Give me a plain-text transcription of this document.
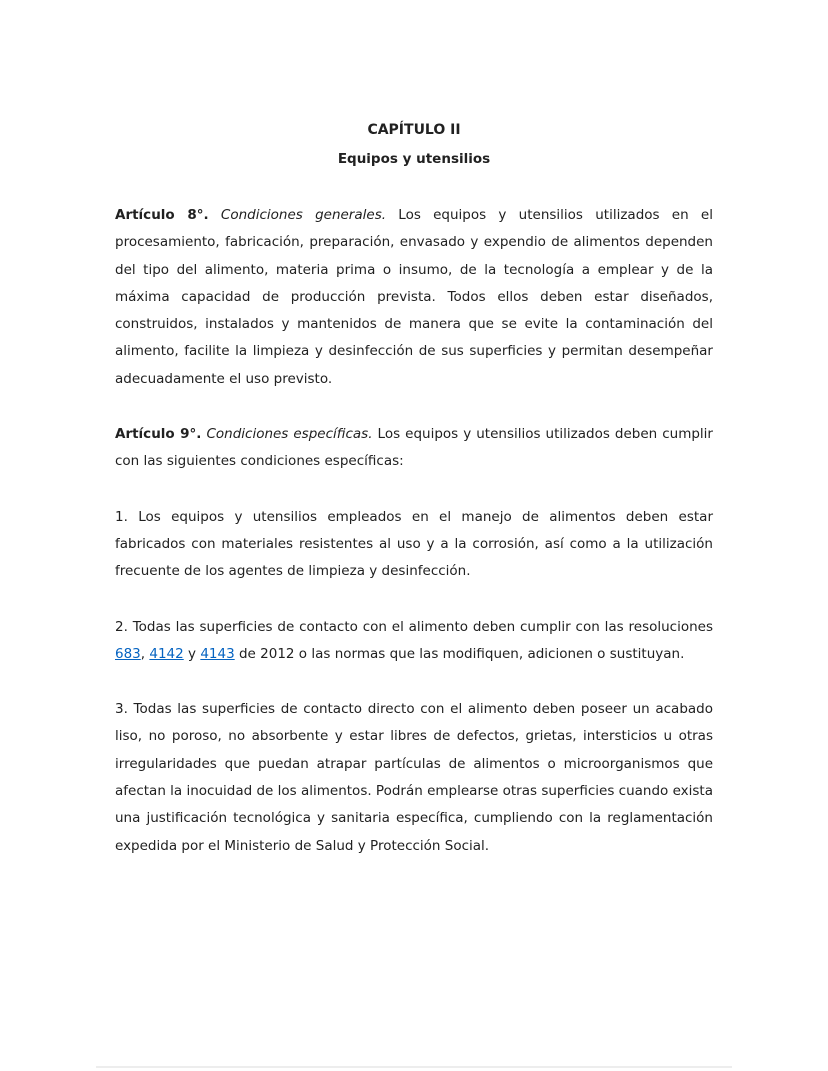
CAPÍTULO II
Equipos y utensilios

Artículo 8°. Condiciones generales. Los equipos y utensilios utilizados en el procesamiento, fabricación, preparación, envasado y expendio de alimentos dependen del tipo del alimento, materia prima o insumo, de la tecnología a emplear y de la máxima capacidad de producción prevista. Todos ellos deben estar diseñados, construidos, instalados y mantenidos de manera que se evite la contaminación del alimento, facilite la limpieza y desinfección de sus superficies y permitan desempeñar adecuadamente el uso previsto.

Artículo 9°. Condiciones específicas. Los equipos y utensilios utilizados deben cumplir con las siguientes condiciones específicas:

1. Los equipos y utensilios empleados en el manejo de alimentos deben estar fabricados con materiales resistentes al uso y a la corrosión, así como a la utilización frecuente de los agentes de limpieza y desinfección.

2. Todas las superficies de contacto con el alimento deben cumplir con las resoluciones 683, 4142 y 4143 de 2012 o las normas que las modifiquen, adicionen o sustituyan.

3. Todas las superficies de contacto directo con el alimento deben poseer un acabado liso, no poroso, no absorbente y estar libres de defectos, grietas, intersticios u otras irregularidades que puedan atrapar partículas de alimentos o microorganismos que afectan la inocuidad de los alimentos. Podrán emplearse otras superficies cuando exista una justificación tecnológica y sanitaria específica, cumpliendo con la reglamentación expedida por el Ministerio de Salud y Protección Social.
